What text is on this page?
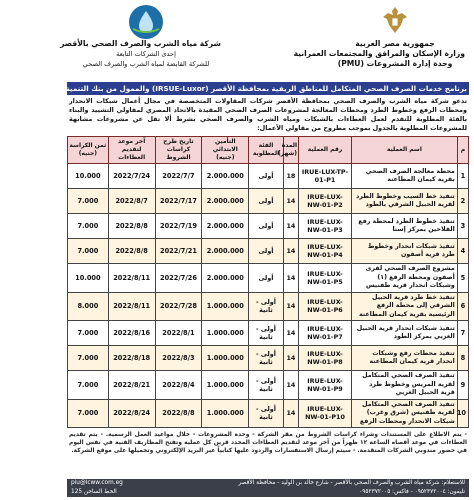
جمهورية مصر العربية
وزارة الإسكان والمرافق والمجتمعات العمرانية
وحدة إدارة المشروعات (PMU)
شركة مياه الشرب والصرف الصحي بالأقصر
إحدى الشركات التابعة
للشركة القابضة لمياه الشرب والصرف الصحي
برنامج خدمات الصرف الصحي المتكامل للمناطق الريفية بمحافظة الأقصر (IRSUE-Luxor) والممول من بنك التنمية الأفريقي (AFDB)
تدعو شركة مياه الشرب والصرف الصحي بمحافظة الأقصر شركات المقاولات المتخصصة في مجال أعمال شبكات الانحدار ومحطات الرفع وخطوط الطرد ومحطات المعالجة لمشروعات الصرف الصحي المقيدة بالاتحاد المصري لمقاولي التشييد والبناء بالفئة المطلوبة للتقدم لعمل العطاءات بالشبكات ومياه الشرب والصرف الصحي بشرط ألا تقل عن مشروعات مشابهة للمشروعات المطلوبة بالجدول بموجب مطروح من مقاولي الأعمال:
م	اسم العملية	رقم العملية	المدة (شهر)	الفئة المطلوبة	التأمين الابتدائي (جنيه)	تاريخ طرح كراسات الشروط	آخر موعد لتقديم العطاءات	ثمن الكراسة (جنيه)
1	محطة معالجة الصرف الصحي بقرية كيمان المطاعنة	IRUE-LUX-TP-01-P1	18	أولى	2.000.000	2022/7/7	2022/7/24	10.000
2	تنفيذ خط السيب وخطوط الطرد لقرية الحبيل الشرقي بالطود	IRUE-LUX-NW-01-P2	14	أولى	2.000.000	2022/7/17	2022/8/7	7.000
3	تنفيذ خطوط الطرد لمحطة رفع الفلاحين بمركز إسنا	IRUE-LUX-NW-01-P3	14	أولى	2.000.000	2022/7/19	2022/8/8	7.000
4	تنفيذ شبكات انحدار وخطوط طرد قرية أصفون	IRUE-LUX-NW-01-P4	14	أولى	2.000.000	2022/7/21	2022/8/8	7.000
5	مشروع الصرف الصحي لقرى أصفون ومحطة الرفع (١) وشبكات انحدار قرية طفنيس	IRUE-LUX-NW-01-P5	14	أولى	2.000.000	2022/7/26	2022/8/11	10.000
6	تنفيذ خط طرد قرية الحبيل الشرقي إلى محطة الرفع الرئيسية بقرية كيمان المطاعنة	IRUE-LUX-NW-01-P6	14	أولى - ثانية	1.000.000	2022/7/28	2022/8/11	8.000
7	تنفيذ شبكات انحدار قرية الحبيل الغربي بمركز الطود	IRUE-LUX-NW-01-P7	14	أولى - ثانية	1.000.000	2022/8/1	2022/8/16	7.000
8	تنفيذ محطات رفع وشبكات انحدار قرية كيمان المطاعنة	IRUE-LUX-NW-01-P8	14	أولى - ثانية	1.000.000	2022/8/3	2022/8/18	7.000
9	تنفيذ الصرف الصحي المتكامل لقرية المريس وخطوط طرد قرية الحبيل الغربي	IRUE-LUX-NW-01-P9	14	أولى - ثانية	1.000.000	2022/8/4	2022/8/21	7.000
10	تنفيذ الصرف الصحي المتكامل لقرية طفنيس (شرق وغرب) شبكات الانحدار ومحطات الرفع	IRUE-LUX-NW-01-P10	14	أولى - ثانية	1.000.000	2022/8/8	2022/8/24	7.000
- يتم الاطلاع على المستندات وشراء كراسات الشروط من مقر الشركة - وحدة المشروعات - خلال مواعيد العمل الرسمية. - يتم تقديم العطاءات في موعد أقصاه الساعة ١٢ ظهراً من آخر موعد لتقديم العطاءات المحدد قرين كل عملية وتفتح المظاريف الفنية في نفس اليوم في حضور مندوبي الشركات المتقدمة. - سيتم إرسال الاستفسارات والردود عليها كتابياً عبر البريد الإلكتروني وتحميلها على موقع الشركة.
للاستعلام: شركة مياه الشرب والصرف الصحي بالأقصر - شارع خالد بن الوليد - محافظة الأقصر
تليفون: ٠٩٥٢٣٧٢٠٠٤ - فاكس: ٠٩٥٢٣٧٢٠٠٥
piu@lcww.com.eg
الخط الساخن 125
